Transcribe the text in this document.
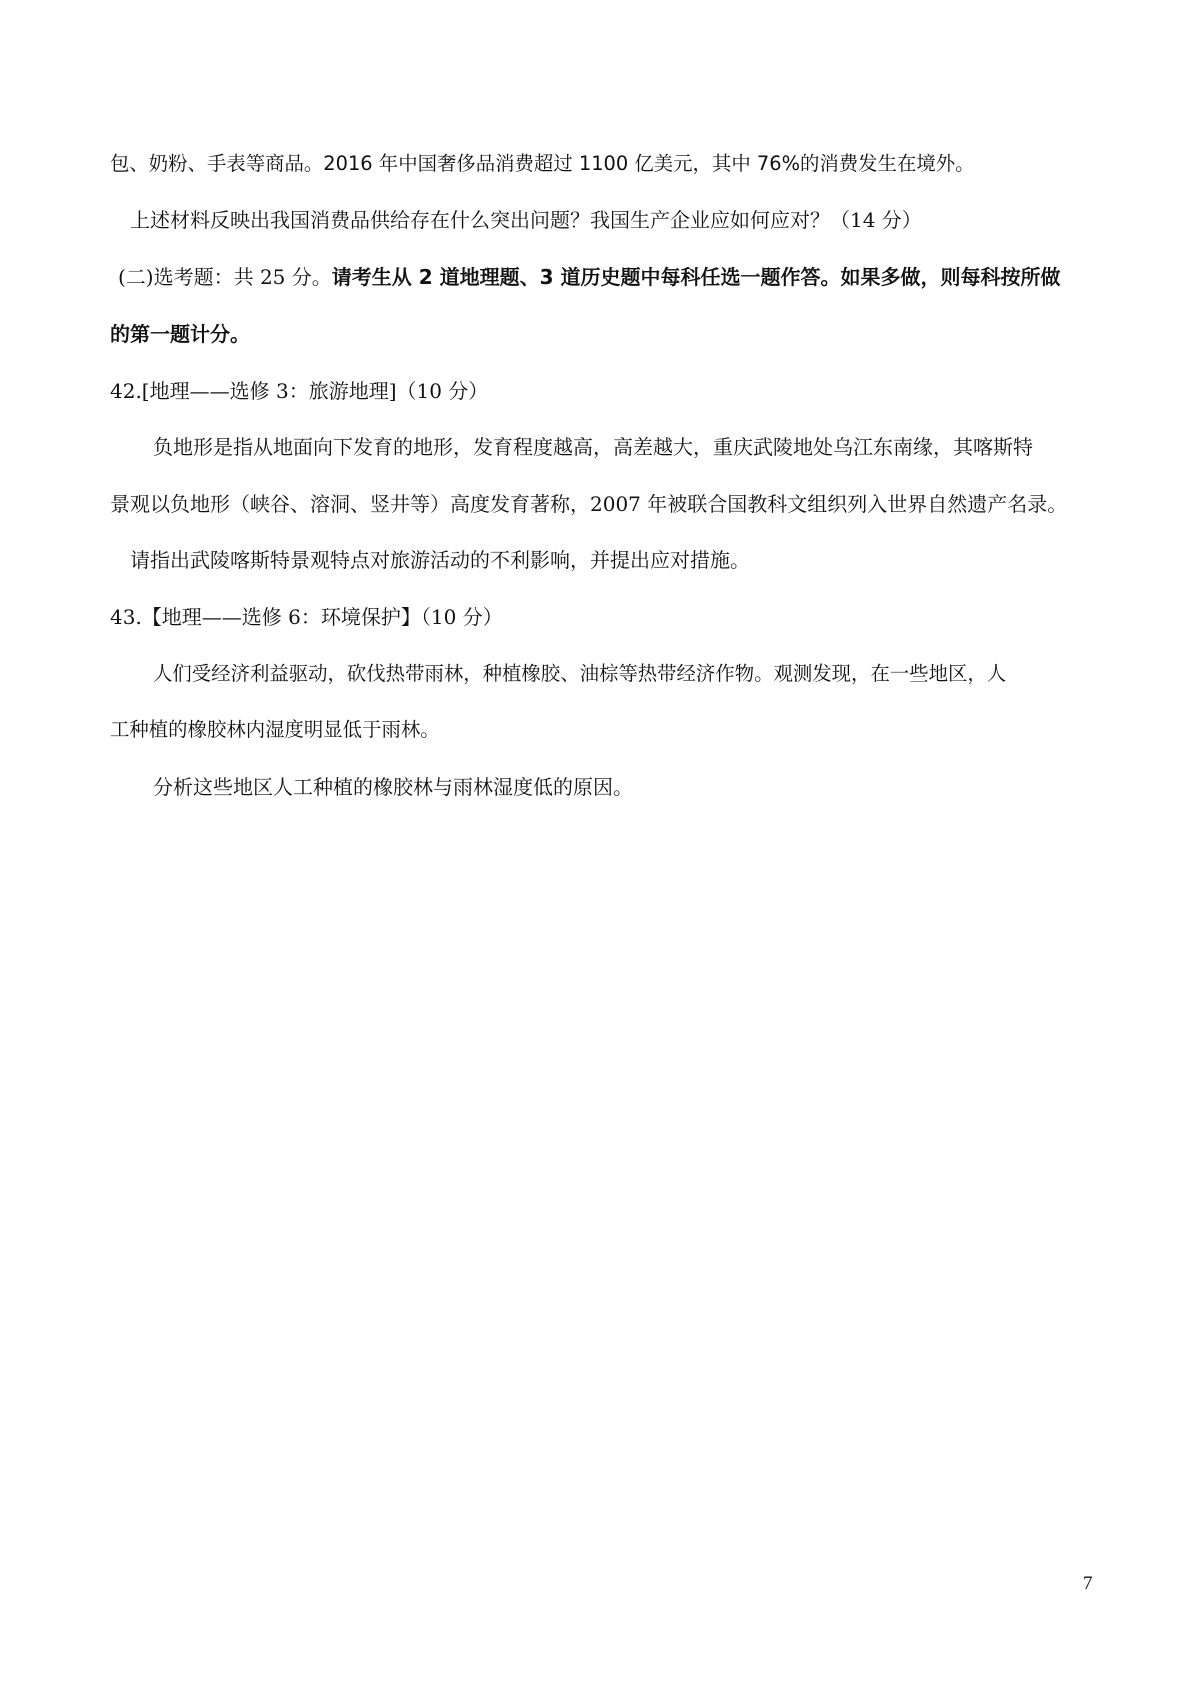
包、奶粉、手表等商品。2016 年中国奢侈品消费超过 1100 亿美元，其中 76%的消费发生在境外。
上述材料反映出我国消费品供给存在什么突出问题？我国生产企业应如何应对？（14 分）
(二)选考题：共 25 分。请考生从 2 道地理题、3 道历史题中每科任选一题作答。如果多做，则每科按所做
的第一题计分。
42.[地理——选修 3：旅游地理]（10 分）
负地形是指从地面向下发育的地形，发育程度越高，高差越大，重庆武陵地处乌江东南缘，其喀斯特
景观以负地形（峡谷、溶洞、竖井等）高度发育著称，2007 年被联合国教科文组织列入世界自然遗产名录。
请指出武陵喀斯特景观特点对旅游活动的不利影响，并提出应对措施。
43.【地理——选修 6：环境保护】（10 分）
人们受经济利益驱动，砍伐热带雨林，种植橡胶、油棕等热带经济作物。观测发现，在一些地区，人
工种植的橡胶林内湿度明显低于雨林。
分析这些地区人工种植的橡胶林与雨林湿度低的原因。
7
